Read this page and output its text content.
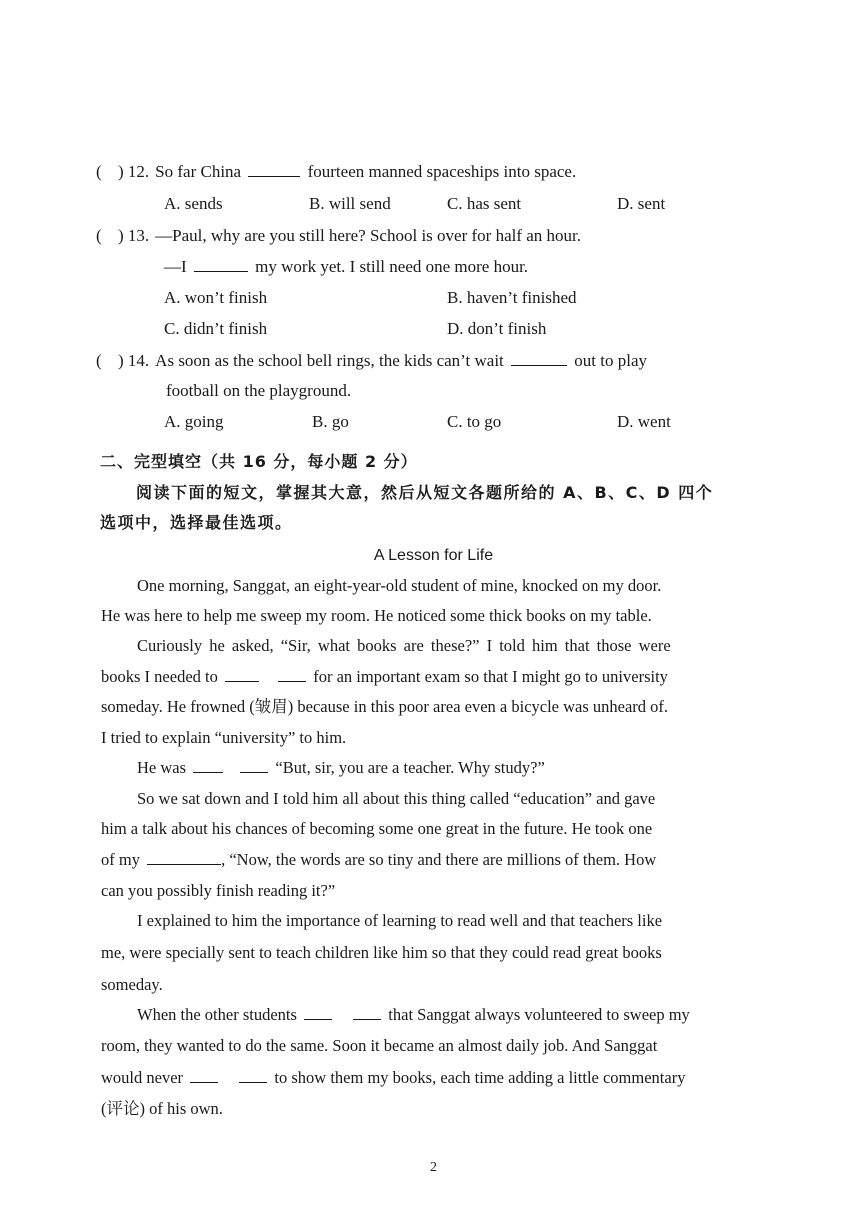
( ) 12. So far China	fourteen manned spaceships into space.
A. sends	B. will send	C. has sent	D. sent
( ) 13. —Paul, why are you still here? School is over for half an hour.
—I	my work yet. I still need one more hour.
A. won’t finish	B. haven’t finished
C. didn’t finish	D. don’t finish
( ) 14. As soon as the school bell rings, the kids can’t wait	out to play
football on the playground.
A. going	B. go	C. to go	D. went
二、完型填空（共 16 分，每小题 2 分）
阅读下面的短文，掌握其大意，然后从短文各题所给的 A、B、C、D 四个
选项中，选择最佳选项。
A Lesson for Life
One morning, Sanggat, an eight-year-old student of mine, knocked on my door.
He was here to help me sweep my room. He noticed some thick books on my table.
Curiously he asked, “Sir, what books are these?” I told him that those were
books I needed to	for an important exam so that I might go to university
someday. He frowned (皱眉) because in this poor area even a bicycle was unheard of.
I tried to explain “university” to him.
He was	“But, sir, you are a teacher. Why study?”
So we sat down and I told him all about this thing called “education” and gave
him a talk about his chances of becoming some one great in the future. He took one
of my	, “Now, the words are so tiny and there are millions of them. How
can you possibly finish reading it?”
I explained to him the importance of learning to read well and that teachers like
me, were specially sent to teach children like him so that they could read great books
someday.
When the other students	that Sanggat always volunteered to sweep my
room, they wanted to do the same. Soon it became an almost daily job. And Sanggat
would never	to show them my books, each time adding a little commentary
(评论) of his own.
2
